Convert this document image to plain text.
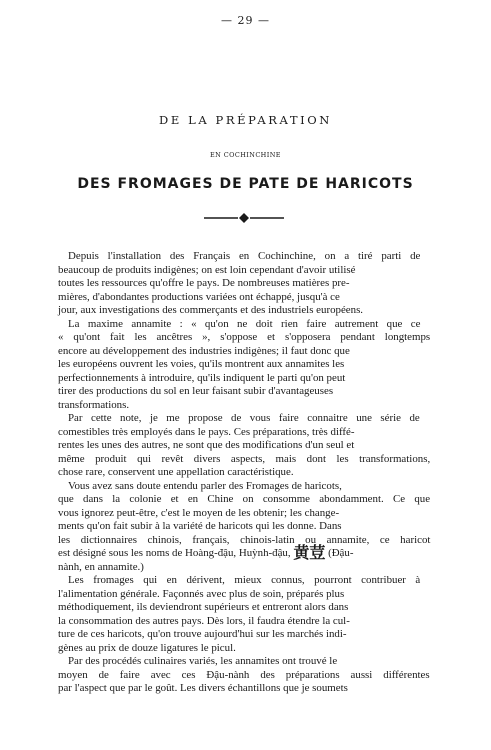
— 29 —
DE LA PRÉPARATION
EN COCHINCHINE
DES FROMAGES DE PATE DE HARICOTS
Depuis l'installation des Français en Cochinchine, on a tiré parti de
beaucoup de produits indigènes; on est loin cependant d'avoir utilisé
toutes les ressources qu'offre le pays. De nombreuses matières pre-
mières, d'abondantes productions variées ont échappé, jusqu'à ce
jour, aux investigations des commerçants et des industriels européens.
La maxime annamite : « qu'on ne doit rien faire autrement que ce
« qu'ont fait les ancêtres », s'oppose et s'opposera pendant longtemps
encore au développement des industries indigènes; il faut donc que
les européens ouvrent les voies, qu'ils montrent aux annamites les
perfectionnements à introduire, qu'ils indiquent le parti qu'on peut
tirer des productions du sol en leur faisant subir d'avantageuses
transformations.
Par cette note, je me propose de vous faire connaitre une série de
comestibles très employés dans le pays. Ces préparations, très diffé-
rentes les unes des autres, ne sont que des modifications d'un seul et
même produit qui revêt divers aspects, mais dont les transformations,
chose rare, conservent une appellation caractéristique.
Vous avez sans doute entendu parler des Fromages de haricots,
que dans la colonie et en Chine on consomme abondamment. Ce que
vous ignorez peut-être, c'est le moyen de les obtenir; les change-
ments qu'on fait subir à la variété de haricots qui les donne. Dans
les dictionnaires chinois, français, chinois-latin ou annamite, ce haricot
est désigné sous les noms de Hoàng-đậu, Huỳnh-đậu, 黄荳 (Đậu-
nành, en annamite.)
Les fromages qui en dérivent, mieux connus, pourront contribuer à
l'alimentation générale. Façonnés avec plus de soin, préparés plus
méthodiquement, ils deviendront supérieurs et entreront alors dans
la consommation des autres pays. Dès lors, il faudra étendre la cul-
ture de ces haricots, qu'on trouve aujourd'hui sur les marchés indi-
gènes au prix de douze ligatures le picul.
Par des procédés culinaires variés, les annamites ont trouvé le
moyen de faire avec ces Đậu-nành des préparations aussi différentes
par l'aspect que par le goût. Les divers échantillons que je soumets
